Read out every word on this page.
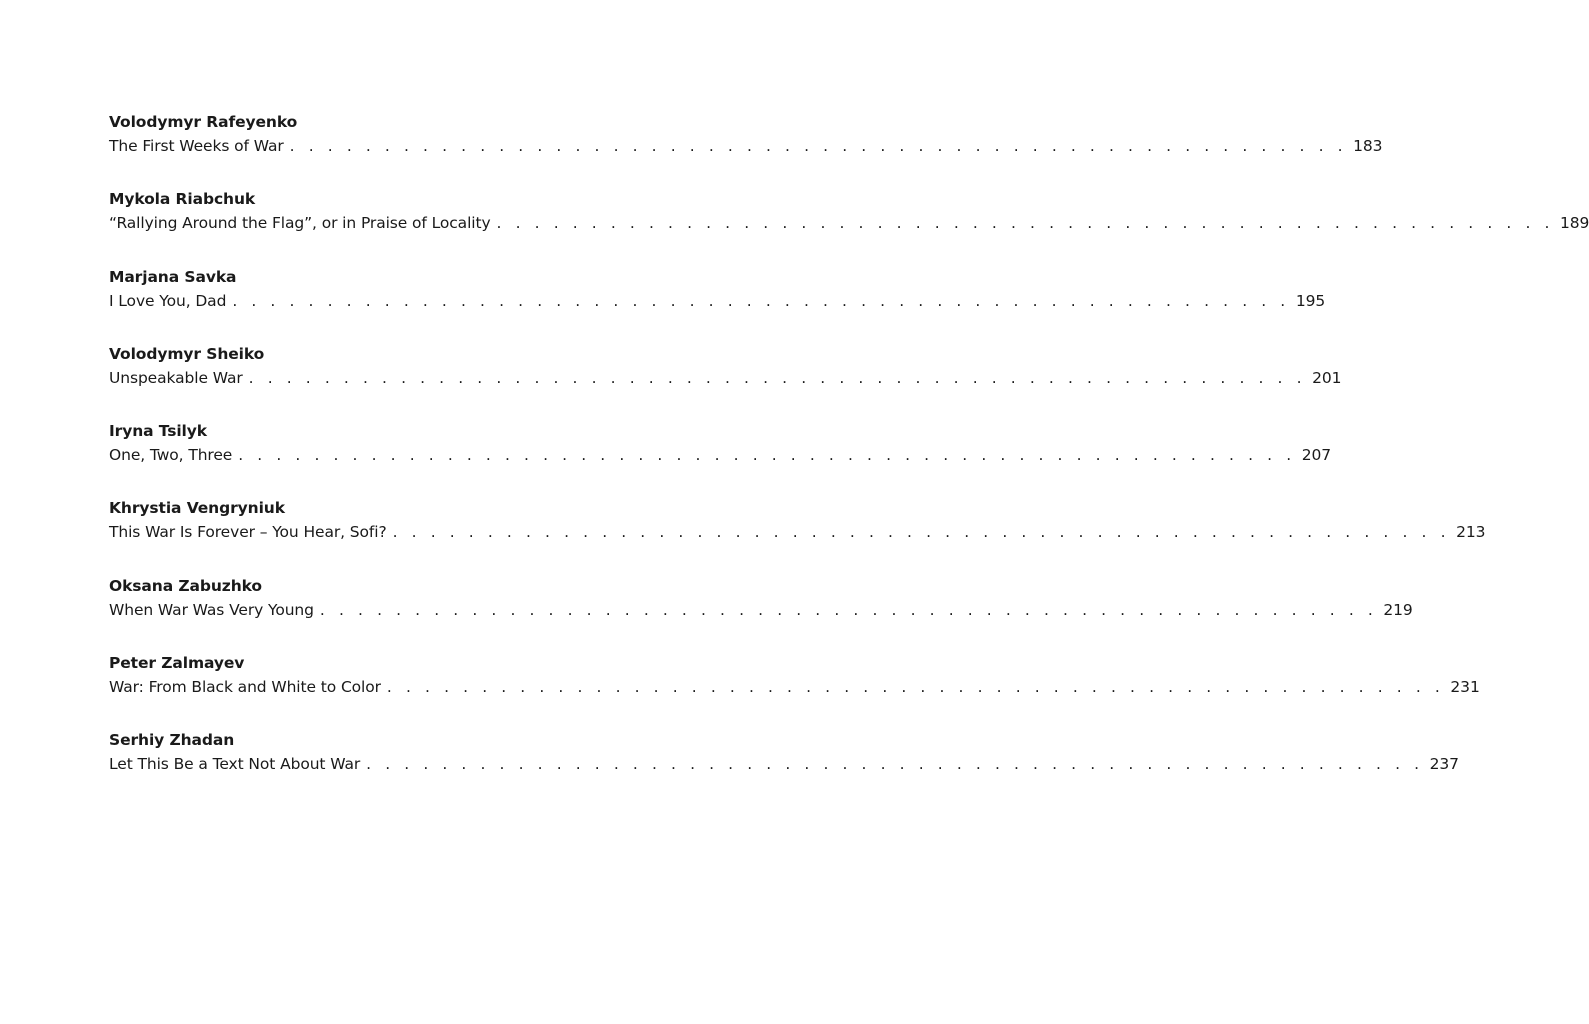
Volodymyr Rafeyenko
The First Weeks of War . . . . . . . . . . . . . . . . . . . . . . . . . . . . . . . . . . . . . . . . . . . . . . . . . . . . . . . . 183
Mykola Riabchuk
“Rallying Around the Flag”, or in Praise of Locality . . . . . . . . . . . . . . . . . . . . . . . . . . . . . . . . . . . . . . . . . . . . . . . . . . . . . . . . 189
Marjana Savka
I Love You, Dad . . . . . . . . . . . . . . . . . . . . . . . . . . . . . . . . . . . . . . . . . . . . . . . . . . . . . . . . 195
Volodymyr Sheiko
Unspeakable War . . . . . . . . . . . . . . . . . . . . . . . . . . . . . . . . . . . . . . . . . . . . . . . . . . . . . . . . 201
Iryna Tsilyk
One, Two, Three . . . . . . . . . . . . . . . . . . . . . . . . . . . . . . . . . . . . . . . . . . . . . . . . . . . . . . . . 207
Khrystia Vengryniuk
This War Is Forever – You Hear, Sofi? . . . . . . . . . . . . . . . . . . . . . . . . . . . . . . . . . . . . . . . . . . . . . . . . . . . . . . . . 213
Oksana Zabuzhko
When War Was Very Young . . . . . . . . . . . . . . . . . . . . . . . . . . . . . . . . . . . . . . . . . . . . . . . . . . . . . . . . 219
Peter Zalmayev
War: From Black and White to Color . . . . . . . . . . . . . . . . . . . . . . . . . . . . . . . . . . . . . . . . . . . . . . . . . . . . . . . . 231
Serhiy Zhadan
Let This Be a Text Not About War . . . . . . . . . . . . . . . . . . . . . . . . . . . . . . . . . . . . . . . . . . . . . . . . . . . . . . . . 237
